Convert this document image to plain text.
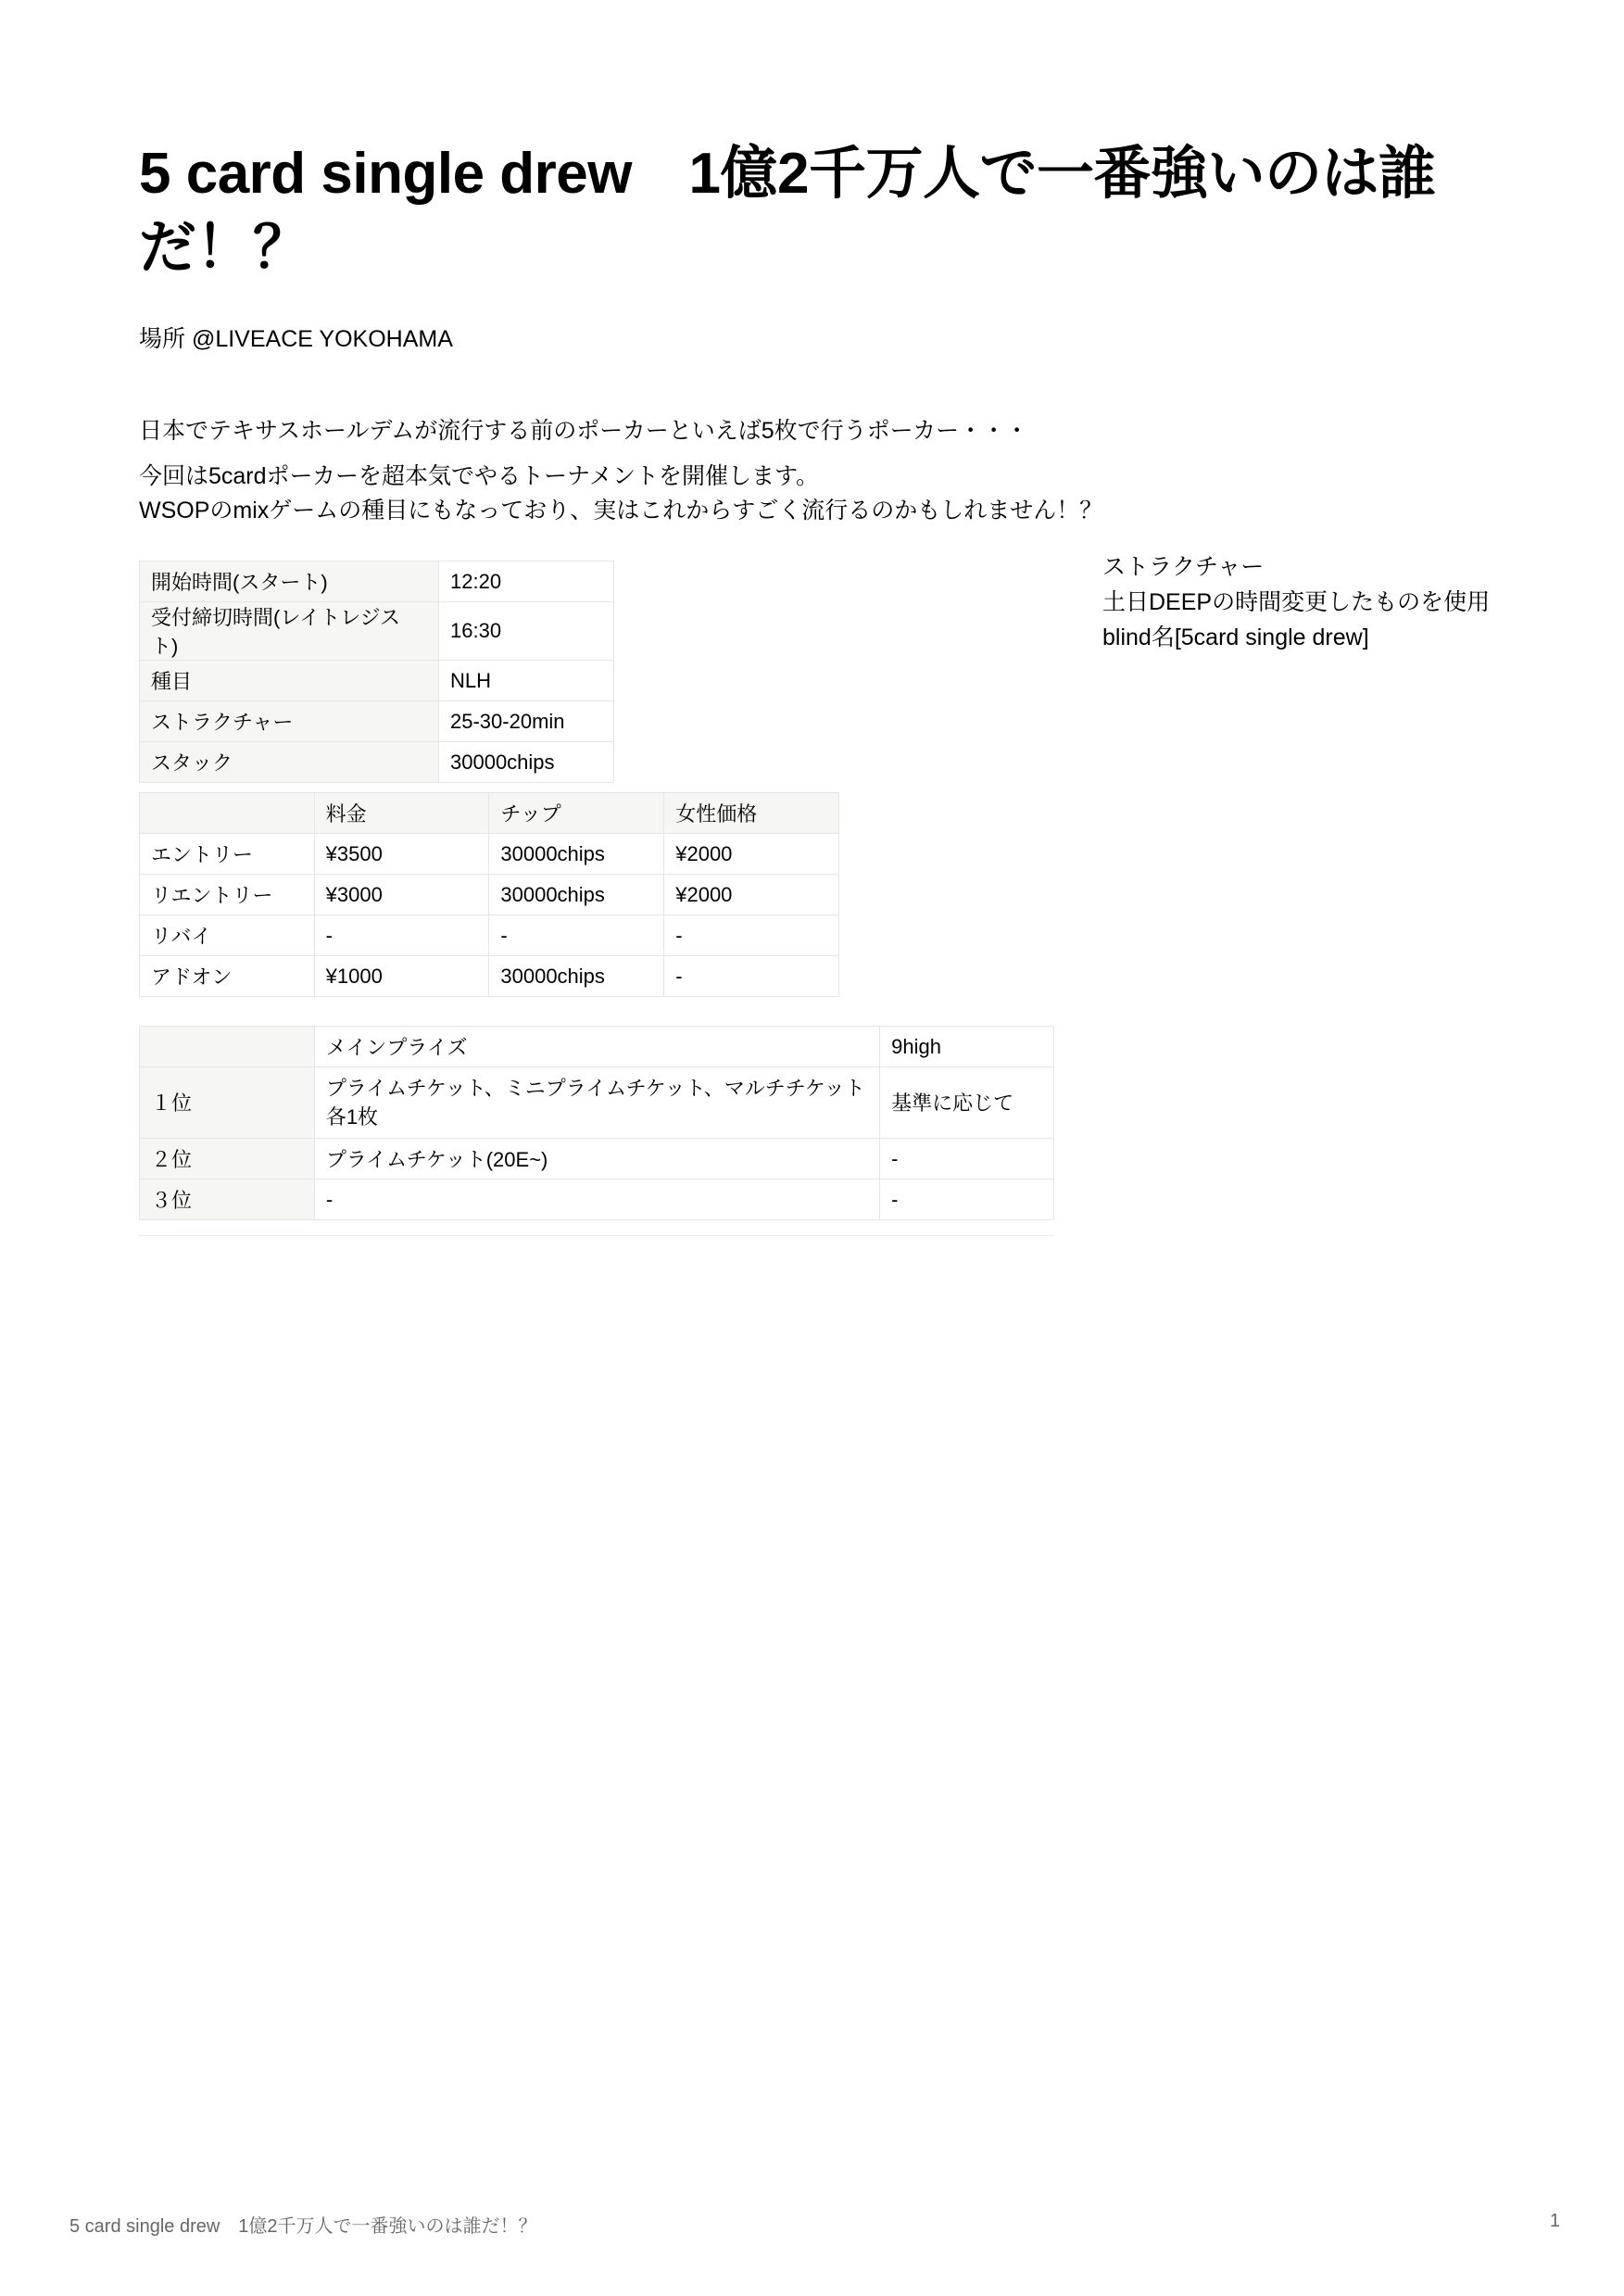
5 card single drew　1億2千万人で一番強いのは誰だ！？
場所 @LIVEACE YOKOHAMA

日本でテキサスホールデムが流行する前のポーカーといえば5枚で行うポーカー・・・

今回は5cardポーカーを超本気でやるトーナメントを開催します。
WSOPのmixゲームの種目にもなっており、実はこれからすごく流行るのかもしれません！？

ストラクチャー
土日DEEPの時間変更したものを使用
blind名[5card single drew]
開始時間(スタート)	12:20
受付締切時間(レイトレジスト)	16:30
種目	NLH
ストラクチャー	25-30-20min
スタック	30000chips
	料金	チップ	女性価格
エントリー	¥3500	30000chips	¥2000
リエントリー	¥3000	30000chips	¥2000
リバイ	-	-	-
アドオン	¥1000	30000chips	-
	メインプライズ	9high
１位	プライムチケット、ミニプライムチケット、マルチチケット各1枚	基準に応じて
２位	プライムチケット(20E~)	-
３位	-	-
5 card single drew　1億2千万人で一番強いのは誰だ！？	1
